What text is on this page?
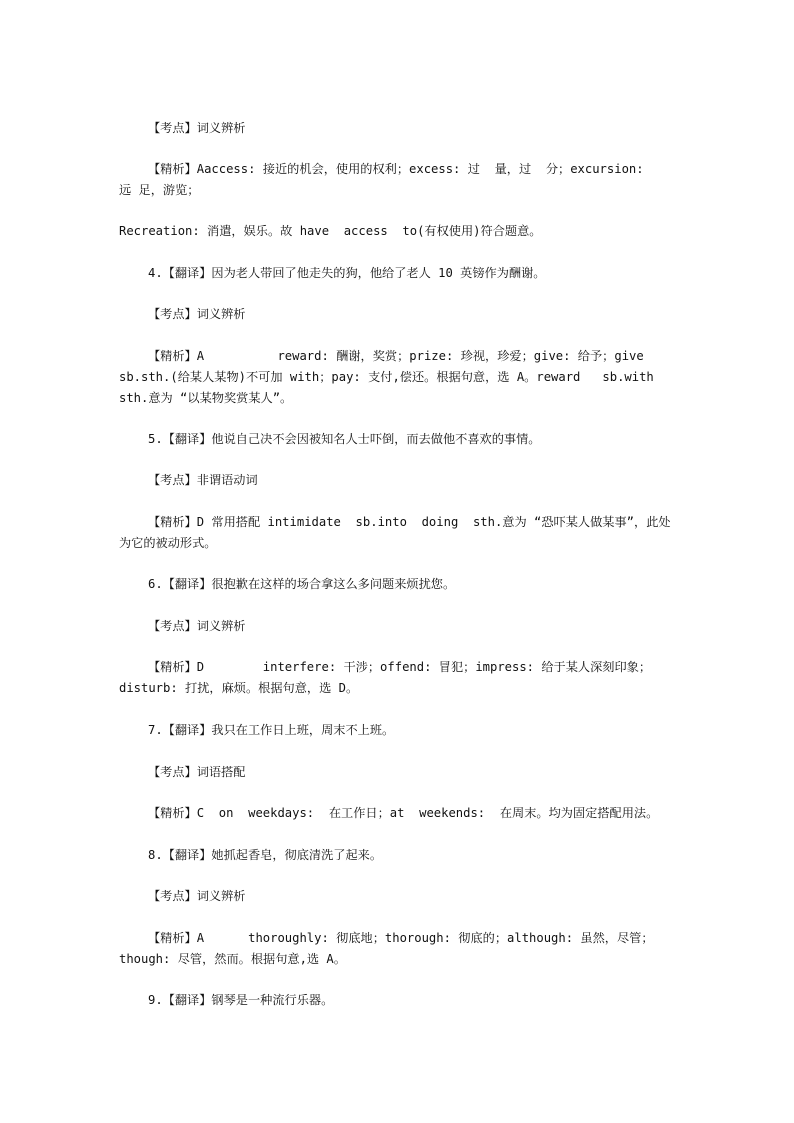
【考点】词义辨析
【精析】Aaccess: 接近的机会，使用的权利；excess: 过  量，过  分；excursion:
远 足，游览；
Recreation: 消遣，娱乐。故 have  access  to(有权使用)符合题意。
4.【翻译】因为老人带回了他走失的狗，他给了老人 10 英镑作为酬谢。
【考点】词义辨析
【精析】A          reward: 酬谢，奖赏；prize: 珍视，珍爱；give: 给予；give
sb.sth.(给某人某物)不可加 with；pay: 支付,偿还。根据句意，选 A。reward   sb.with
sth.意为 “以某物奖赏某人”。
5.【翻译】他说自己决不会因被知名人士吓倒，而去做他不喜欢的事情。
【考点】非谓语动词
【精析】D 常用搭配 intimidate  sb.into  doing  sth.意为 “恐吓某人做某事”，此处
为它的被动形式。
6.【翻译】很抱歉在这样的场合拿这么多问题来烦扰您。
【考点】词义辨析
【精析】D        interfere: 干涉；offend: 冒犯；impress: 给于某人深刻印象；
disturb: 打扰，麻烦。根据句意，选 D。
7.【翻译】我只在工作日上班，周末不上班。
【考点】词语搭配
【精析】C  on  weekdays:  在工作日；at  weekends:  在周末。均为固定搭配用法。
8.【翻译】她抓起香皂，彻底清洗了起来。
【考点】词义辨析
【精析】A      thoroughly: 彻底地；thorough: 彻底的；although: 虽然，尽管；
though: 尽管，然而。根据句意,选 A。
9.【翻译】钢琴是一种流行乐器。
